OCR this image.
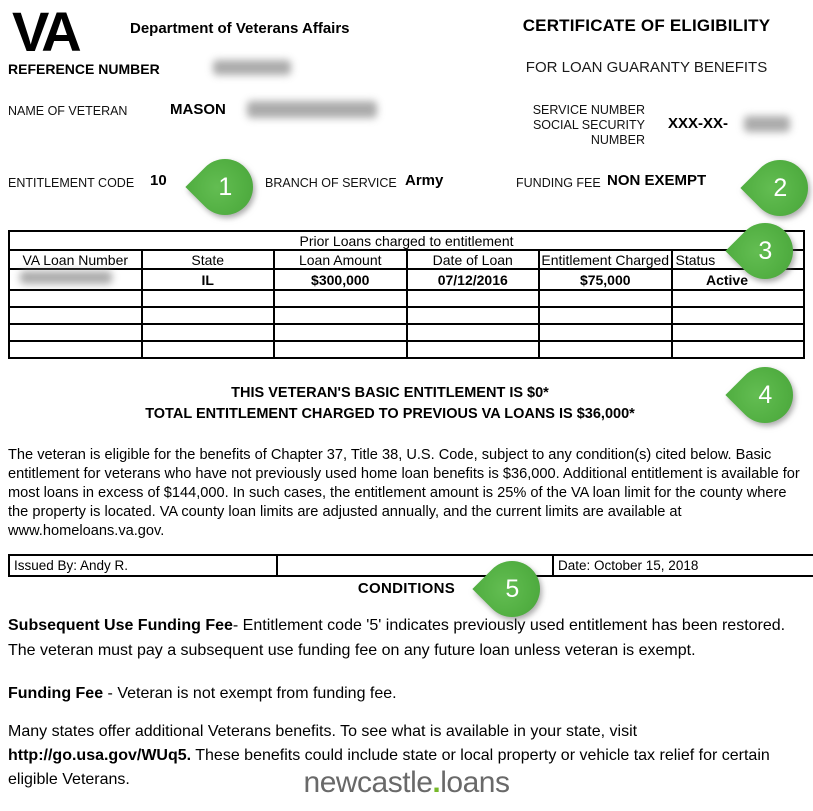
VA	Department of Veterans Affairs	CERTIFICATE OF ELIGIBILITY
FOR LOAN GUARANTY BENEFITS
REFERENCE NUMBER
NAME OF VETERAN	MASON	SERVICE NUMBER
SOCIAL SECURITY NUMBER
XXX-XX-
ENTITLEMENT CODE 10	BRANCH OF SERVICE Army	FUNDING FEE NON EXEMPT
Prior Loans charged to entitlement					
VA Loan Number	State	Loan Amount	Date of Loan	Entitlement Charged	Status
	IL	$300,000	07/12/2016	$75,000	Active

THIS VETERAN'S BASIC ENTITLEMENT IS $0*
TOTAL ENTITLEMENT CHARGED TO PREVIOUS VA LOANS IS $36,000*
The veteran is eligible for the benefits of Chapter 37, Title 38, U.S. Code, subject to any condition(s) cited below. Basic entitlement for veterans who have not previously used home loan benefits is $36,000. Additional entitlement is available for most loans in excess of $144,000. In such cases, the entitlement amount is 25% of the VA loan limit for the county where the property is located. VA county loan limits are adjusted annually, and the current limits are available at www.homeloans.va.gov.
Issued By: Andy R.		Date: October 15, 2018
CONDITIONS

Subsequent Use Funding Fee- Entitlement code '5' indicates previously used entitlement has been restored. The veteran must pay a subsequent use funding fee on any future loan unless veteran is exempt.

Funding Fee - Veteran is not exempt from funding fee.

Many states offer additional Veterans benefits. To see what is available in your state, visit http://go.usa.gov/WUq5. These benefits could include state or local property or vehicle tax relief for certain eligible Veterans.

1	2
3
4
5
newcastle.loans
